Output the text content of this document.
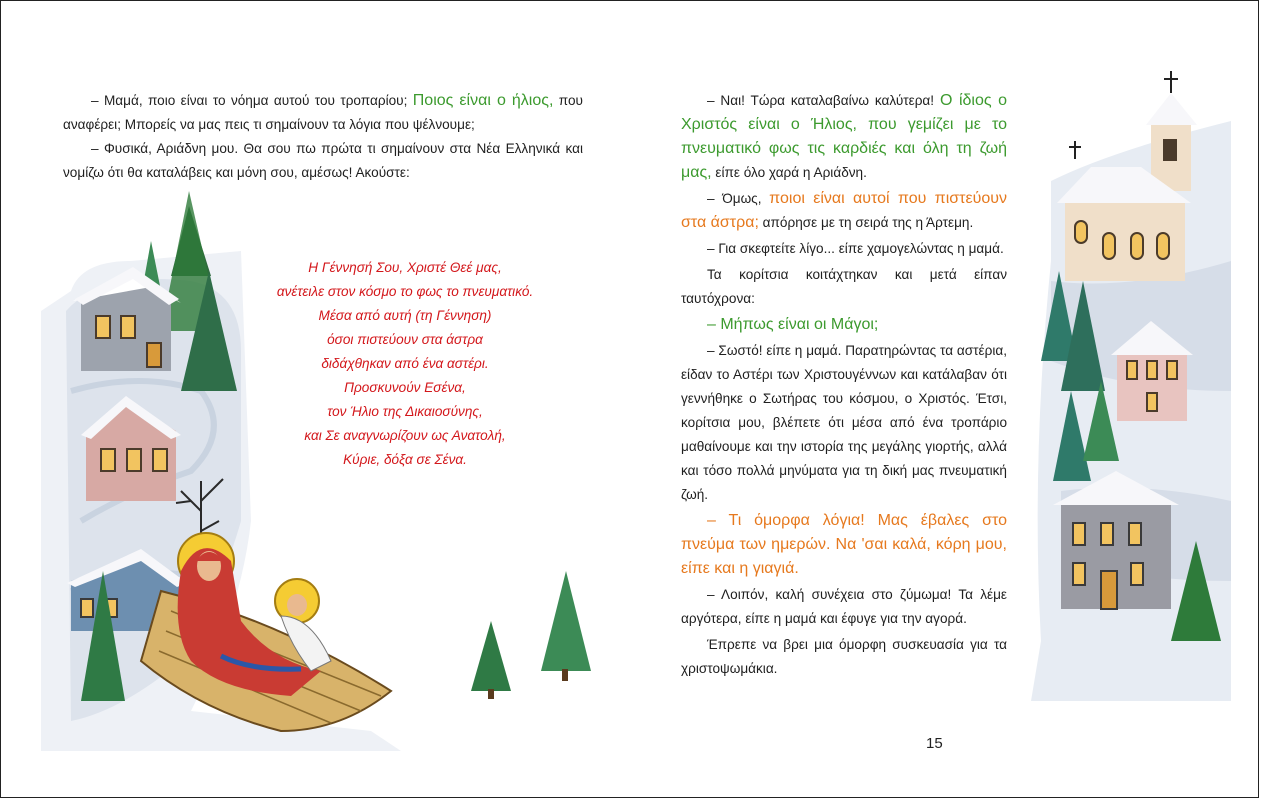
– Μαμά, ποιο είναι το νόημα αυτού του τροπαρίου; Ποιος είναι ο ήλιος, που αναφέρει; Μπορείς να μας πεις τι σημαίνουν τα λόγια που ψέλνουμε;

– Φυσικά, Αριάδνη μου. Θα σου πω πρώτα τι σημαίνουν στα Νέα Ελληνικά και νομίζω ότι θα καταλάβεις και μόνη σου, αμέσως! Ακούστε:

Η Γέννησή Σου, Χριστέ Θεέ μας,
ανέτειλε στον κόσμο το φως το πνευματικό.
Μέσα από αυτή (τη Γέννηση)
όσοι πιστεύουν στα άστρα
διδάχθηκαν από ένα αστέρι.
Προσκυνούν Εσένα,
τον Ήλιο της Δικαιοσύνης,
και Σε αναγνωρίζουν ως Ανατολή,
Κύριε, δόξα σε Σένα.

– Ναι! Τώρα καταλαβαίνω καλύτερα! Ο ίδιος ο Χριστός είναι ο Ήλιος, που γεμίζει με το πνευματικό φως τις καρδιές και όλη τη ζωή μας, είπε όλο χαρά η Αριάδνη.

– Όμως, ποιοι είναι αυτοί που πιστεύουν στα άστρα; απόρησε με τη σειρά της η Άρτεμη.

– Για σκεφτείτε λίγο... είπε χαμογελώντας η μαμά.

Τα κορίτσια κοιτάχτηκαν και μετά είπαν ταυτόχρονα:

– Μήπως είναι οι Μάγοι;

– Σωστό! είπε η μαμά. Παρατηρώντας τα αστέρια, είδαν το Αστέρι των Χριστουγέννων και κατάλαβαν ότι γεννήθηκε ο Σωτήρας του κόσμου, ο Χριστός. Έτσι, κορίτσια μου, βλέπετε ότι μέσα από ένα τροπάριο μαθαίνουμε και την ιστορία της μεγάλης γιορτής, αλλά και τόσο πολλά μηνύματα για τη δική μας πνευματική ζωή.

– Τι όμορφα λόγια! Μας έβαλες στο πνεύμα των ημερών. Να 'σαι καλά, κόρη μου, είπε και η γιαγιά.

– Λοιπόν, καλή συνέχεια στο ζύμωμα! Τα λέμε αργότερα, είπε η μαμά και έφυγε για την αγορά.

Έπρεπε να βρει μια όμορφη συσκευασία για τα χριστοψωμάκια.

15
